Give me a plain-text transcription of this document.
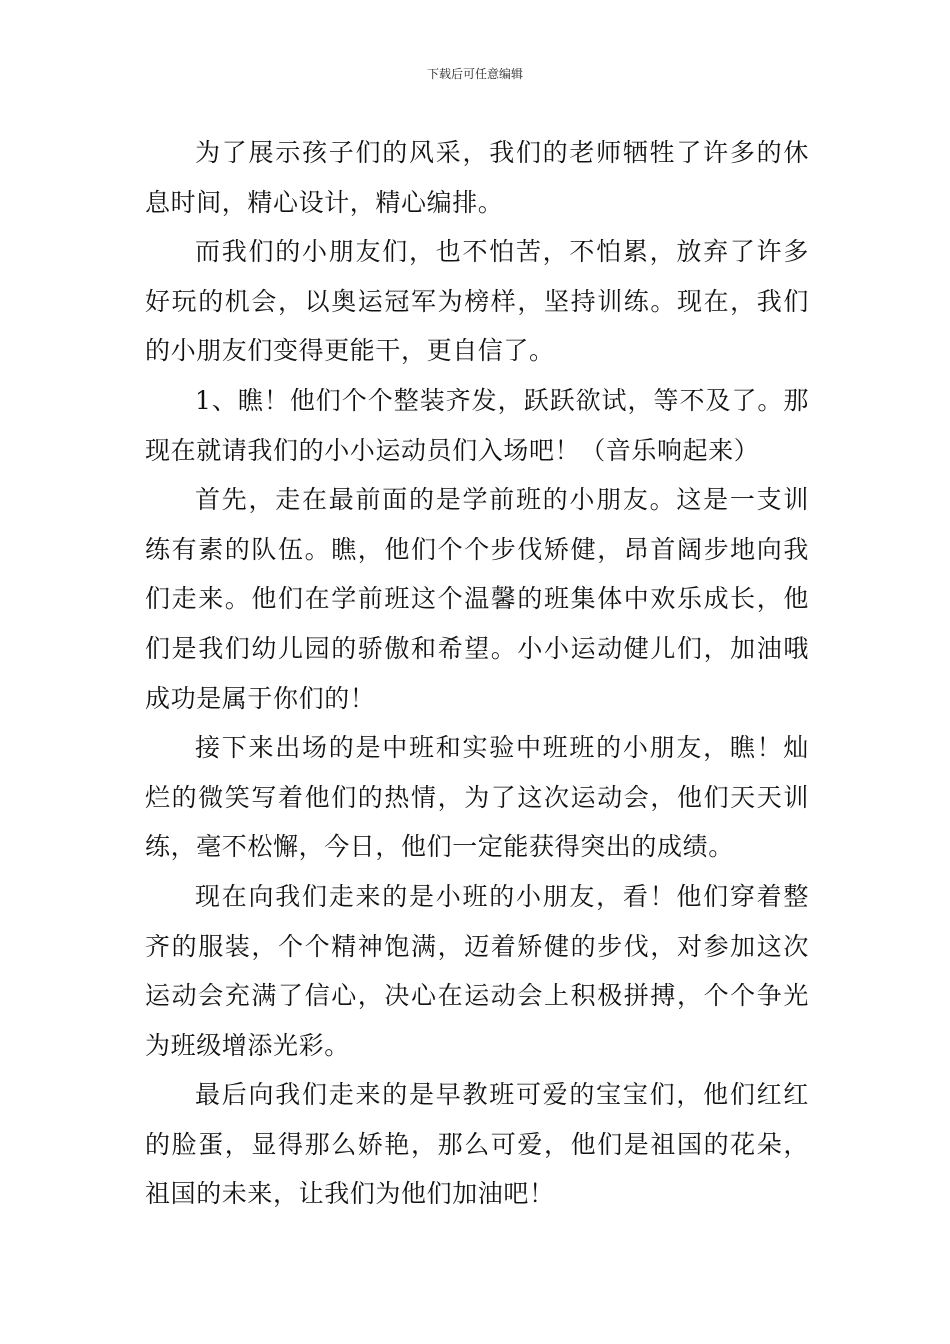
下载后可任意编辑

为了展示孩子们的风采，我们的老师牺牲了许多的休息时间，精心设计，精心编排。

而我们的小朋友们，也不怕苦，不怕累，放弃了许多好玩的机会，以奥运冠军为榜样，坚持训练。现在，我们的小朋友们变得更能干，更自信了。

1、瞧！他们个个整装齐发，跃跃欲试，等不及了。那现在就请我们的小小运动员们入场吧！（音乐响起来）

首先，走在最前面的是学前班的小朋友。这是一支训练有素的队伍。瞧，他们个个步伐矫健，昂首阔步地向我们走来。他们在学前班这个温馨的班集体中欢乐成长，他们是我们幼儿园的骄傲和希望。小小运动健儿们，加油哦成功是属于你们的！

接下来出场的是中班和实验中班班的小朋友，瞧！灿烂的微笑写着他们的热情，为了这次运动会，他们天天训练，毫不松懈，今日，他们一定能获得突出的成绩。

现在向我们走来的是小班的小朋友，看！他们穿着整齐的服装，个个精神饱满，迈着矫健的步伐，对参加这次运动会充满了信心，决心在运动会上积极拼搏，个个争光为班级增添光彩。

最后向我们走来的是早教班可爱的宝宝们，他们红红的脸蛋，显得那么娇艳，那么可爱，他们是祖国的花朵，祖国的未来，让我们为他们加油吧！
